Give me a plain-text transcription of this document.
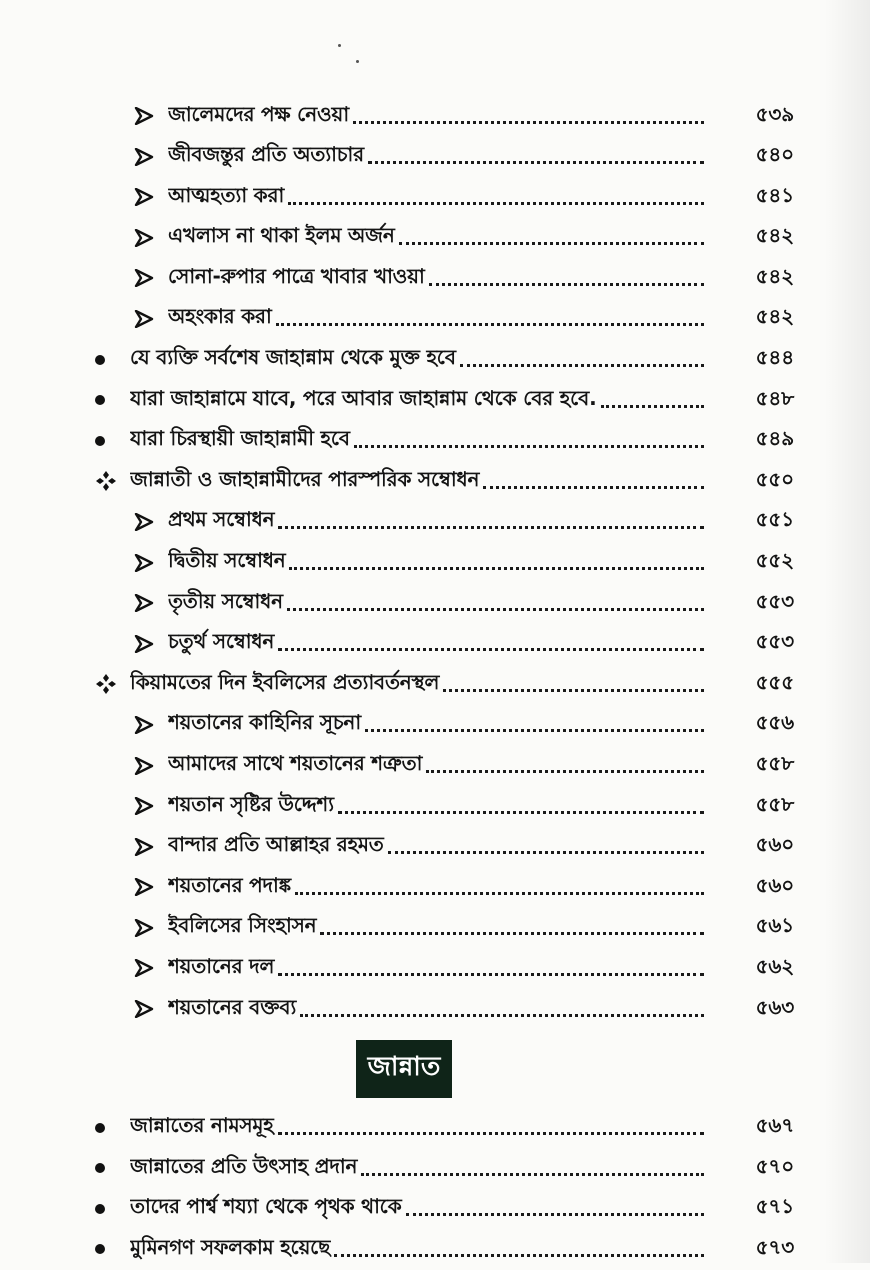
জালেমদের পক্ষ নেওয়া	৫৩৯
জীবজন্তুর প্রতি অত্যাচার	৫৪০
আত্মহত্যা করা	৫৪১
এখলাস না থাকা ইলম অর্জন	৫৪২
সোনা-রুপার পাত্রে খাবার খাওয়া	৫৪২
অহংকার করা	৫৪২
যে ব্যক্তি সর্বশেষ জাহান্নাম থেকে মুক্ত হবে	৫৪৪
যারা জাহান্নামে যাবে, পরে আবার জাহান্নাম থেকে বের হবে.	৫৪৮
যারা চিরস্থায়ী জাহান্নামী হবে	৫৪৯
জান্নাতী ও জাহান্নামীদের পারস্পরিক সম্বোধন	৫৫০
প্রথম সম্বোধন	৫৫১
দ্বিতীয় সম্বোধন	৫৫২
তৃতীয় সম্বোধন	৫৫৩
চতুর্থ সম্বোধন	৫৫৩
কিয়ামতের দিন ইবলিসের প্রত্যাবর্তনস্থল	৫৫৫
শয়তানের কাহিনির সূচনা	৫৫৬
আমাদের সাথে শয়তানের শত্রুতা	৫৫৮
শয়তান সৃষ্টির উদ্দেশ্য	৫৫৮
বান্দার প্রতি আল্লাহর রহমত	৫৬০
শয়তানের পদাঙ্ক	৫৬০
ইবলিসের সিংহাসন	৫৬১
শয়তানের দল	৫৬২
শয়তানের বক্তব্য	৫৬৩
জান্নাত
জান্নাতের নামসমূহ	৫৬৭
জান্নাতের প্রতি উৎসাহ প্রদান	৫৭০
তাদের পার্শ্ব শয্যা থেকে পৃথক থাকে	৫৭১
মুমিনগণ সফলকাম হয়েছে	৫৭৩
